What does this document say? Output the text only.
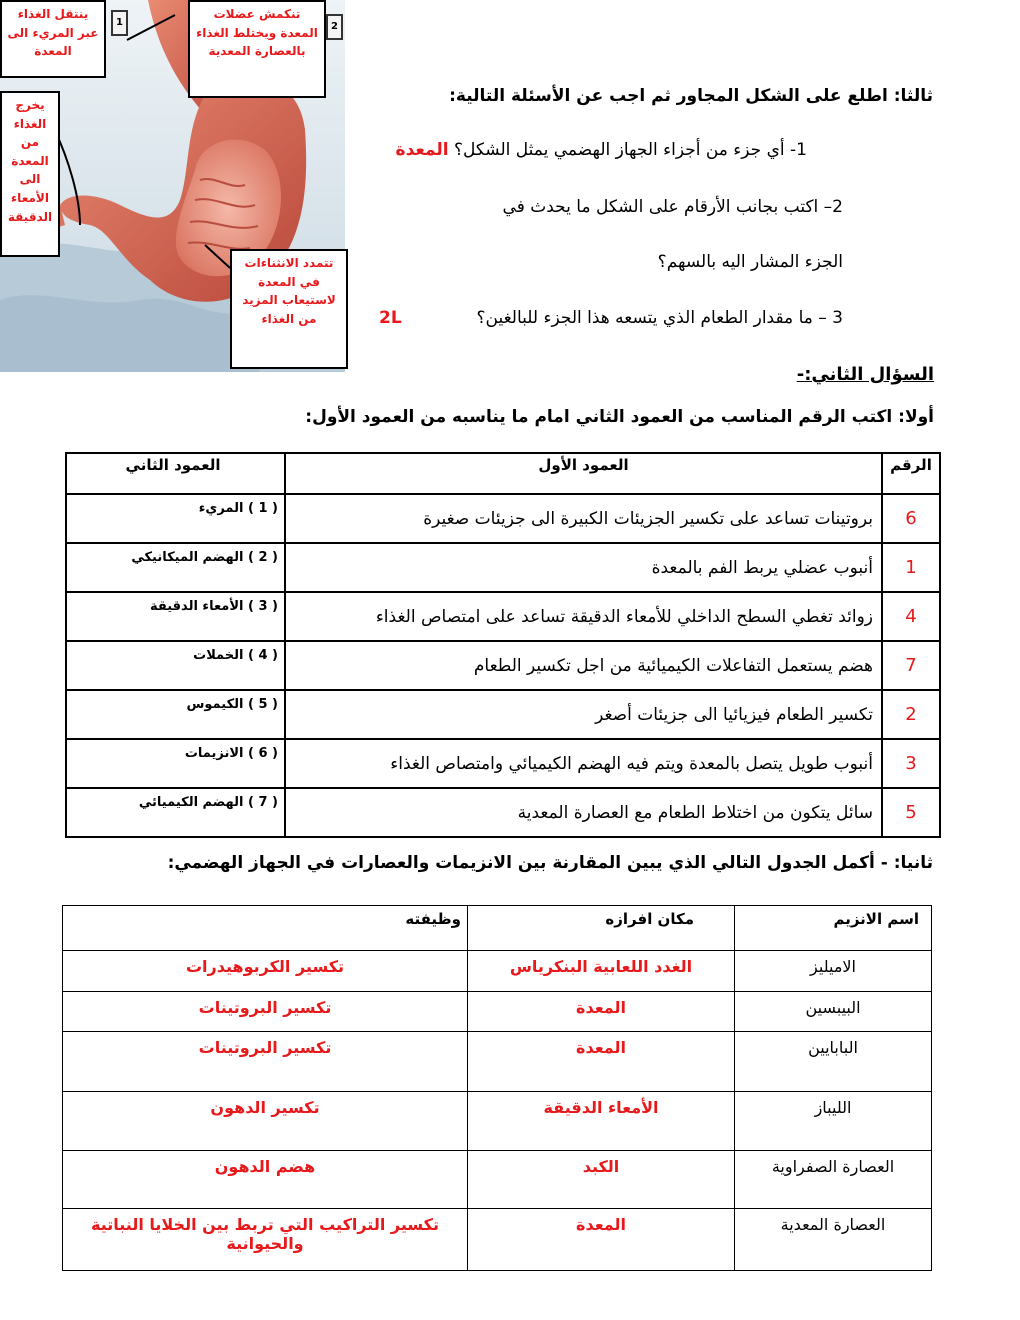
ينتقل الغذاء عبر المريء الى المعدة
تنكمش عضلات المعدة ويختلط الغذاء بالعصارة المعدية
يخرج الغذاء من المعدة الى الأمعاء الدقيقة
تتمدد الانثناءات في المعدة لاستيعاب المزيد من الغذاء
1	2
ثالثا: اطلع على الشكل المجاور ثم اجب عن الأسئلة التالية:
1- أي جزء من أجزاء الجهاز الهضمي يمثل الشكل؟ المعدة
2– اكتب بجانب الأرقام على الشكل ما يحدث في
الجزء المشار اليه بالسهم؟
3 – ما مقدار الطعام الذي يتسعه هذا الجزء للبالغين؟
2L
السؤال الثاني:-
أولا: اكتب الرقم المناسب من العمود الثاني امام ما يناسبه من العمود الأول:
الرقم	العمود الأول	العمود الثاني
6	بروتينات تساعد على تكسير الجزيئات الكبيرة الى جزيئات صغيرة	( 1 ) المريء
1	أنبوب عضلي يربط الفم بالمعدة	( 2 ) الهضم الميكانيكي
4	زوائد تغطي السطح الداخلي للأمعاء الدقيقة تساعد على امتصاص الغذاء	( 3 ) الأمعاء الدقيقة
7	هضم يستعمل التفاعلات الكيميائية من اجل تكسير الطعام	( 4 ) الخملات
2	تكسير الطعام فيزيائيا الى جزيئات أصغر	( 5 ) الكيموس
3	أنبوب طويل يتصل بالمعدة ويتم فيه الهضم الكيميائي وامتصاص الغذاء	( 6 ) الانزيمات
5	سائل يتكون من اختلاط الطعام مع العصارة المعدية	( 7 ) الهضم الكيميائي
ثانيا: - أكمل الجدول التالي الذي يبين المقارنة بين الانزيمات والعصارات في الجهاز الهضمي:
اسم الانزيم	مكان افرازه	وظيفته
الاميليز	الغدد اللعابية البنكرياس	تكسير الكربوهيدرات
البيبسين	المعدة	تكسير البروتينات
البابايين	المعدة	تكسير البروتينات
الليباز	الأمعاء الدقيقة	تكسير الدهون
العصارة الصفراوية	الكبد	هضم الدهون
العصارة المعدية	المعدة	تكسير التراكيب التي تربط بين الخلايا النباتية والحيوانية
